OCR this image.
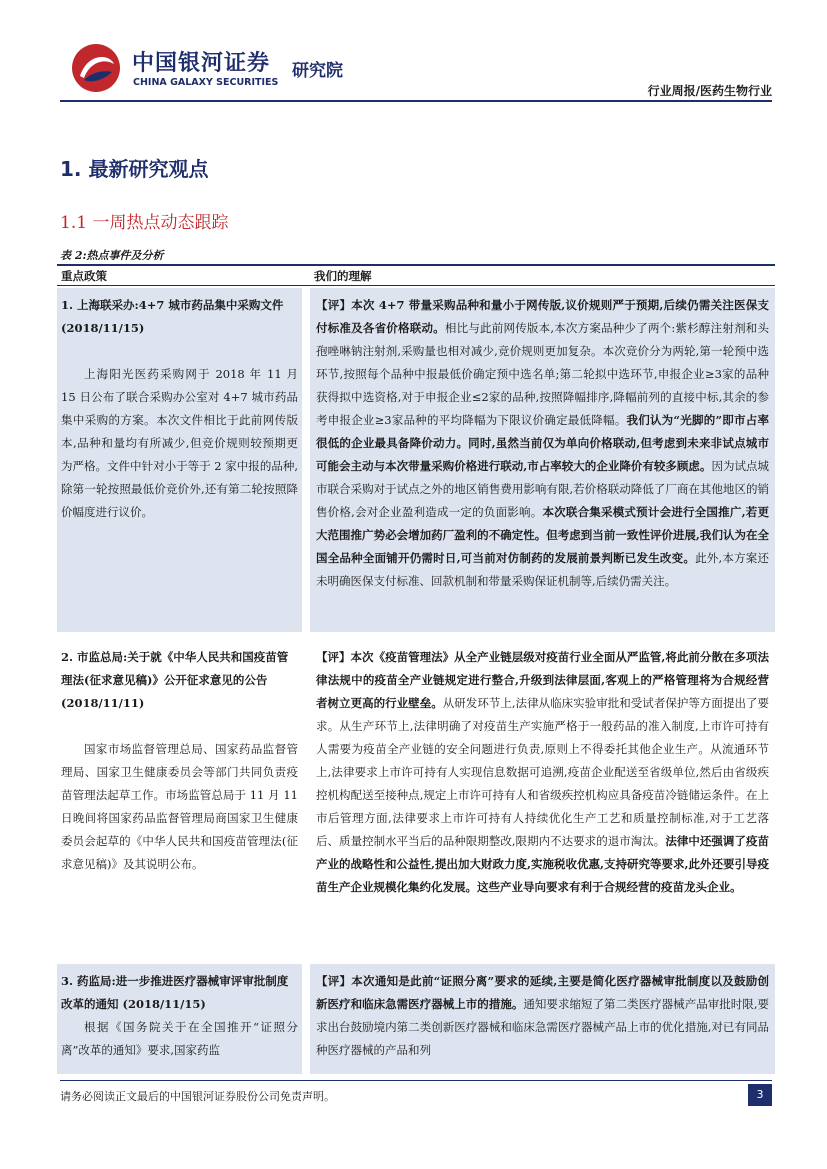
中国银河证券
CHINA GALAXY SECURITIES
研究院
行业周报/医药生物行业
1. 最新研究观点
1.1 一周热点动态跟踪
表 2:热点事件及分析
重点政策	我们的理解
1. 上海联采办:4+7 城市药品集中采购文件 (2018/11/15)
上海阳光医药采购网于 2018 年 11 月 15 日公布了联合采购办公室对 4+7 城市药品集中采购的方案。本次文件相比于此前网传版本,品种和量均有所减少,但竞价规则较预期更为严格。文件中针对小于等于 2 家中报的品种,除第一轮按照最低价竞价外,还有第二轮按照降价幅度进行议价。
【评】本次 4+7 带量采购品种和量小于网传版,议价规则严于预期,后续仍需关注医保支付标准及各省价格联动。相比与此前网传版本,本次方案品种少了两个:紫杉醇注射剂和头孢唑啉钠注射剂,采购量也相对减少,竞价规则更加复杂。本次竞价分为两轮,第一轮预中选环节,按照每个品种中报最低价确定预中选名单;第二轮拟中选环节,申报企业≥3家的品种获得拟中选资格,对于申报企业≤2家的品种,按照降幅排序,降幅前列的直接中标,其余的参考申报企业≥3家品种的平均降幅为下限议价确定最低降幅。我们认为“光脚的”即市占率很低的企业最具备降价动力。同时,虽然当前仅为单向价格联动,但考虑到未来非试点城市可能会主动与本次带量采购价格进行联动,市占率较大的企业降价有较多顾虑。因为试点城市联合采购对于试点之外的地区销售费用影响有限,若价格联动降低了厂商在其他地区的销售价格,会对企业盈利造成一定的负面影响。本次联合集采模式预计会进行全国推广,若更大范围推广势必会增加药厂盈利的不确定性。但考虑到当前一致性评价进展,我们认为在全国全品种全面铺开仍需时日,可当前对仿制药的发展前景判断已发生改变。此外,本方案还未明确医保支付标准、回款机制和带量采购保证机制等,后续仍需关注。
2. 市监总局:关于就《中华人民共和国疫苗管理法(征求意见稿)》公开征求意见的公告 (2018/11/11)
国家市场监督管理总局、国家药品监督管理局、国家卫生健康委员会等部门共同负责疫苗管理法起草工作。市场监管总局于 11 月 11 日晚间将国家药品监督管理局商国家卫生健康委员会起草的《中华人民共和国疫苗管理法(征求意见稿)》及其说明公布。
【评】本次《疫苗管理法》从全产业链层级对疫苗行业全面从严监管,将此前分散在多项法律法规中的疫苗全产业链规定进行整合,升级到法律层面,客观上的严格管理将为合规经营者树立更高的行业壁垒。从研发环节上,法律从临床实验审批和受试者保护等方面提出了要求。从生产环节上,法律明确了对疫苗生产实施严格于一般药品的准入制度,上市许可持有人需要为疫苗全产业链的安全问题进行负责,原则上不得委托其他企业生产。从流通环节上,法律要求上市许可持有人实现信息数据可追溯,疫苗企业配送至省级单位,然后由省级疾控机构配送至接种点,规定上市许可持有人和省级疾控机构应具备疫苗冷链储运条件。在上市后管理方面,法律要求上市许可持有人持续优化生产工艺和质量控制标准,对于工艺落后、质量控制水平当后的品种限期整改,限期内不达要求的退市淘汰。法律中还强调了疫苗产业的战略性和公益性,提出加大财政力度,实施税收优惠,支持研究等要求,此外还要引导疫苗生产企业规模化集约化发展。这些产业导向要求有利于合规经营的疫苗龙头企业。
3. 药监局:进一步推进医疗器械审评审批制度改革的通知 (2018/11/15)
根据《国务院关于在全国推开“证照分离”改革的通知》要求,国家药监
【评】本次通知是此前“证照分离”要求的延续,主要是简化医疗器械审批制度以及鼓励创新医疗和临床急需医疗器械上市的措施。通知要求缩短了第二类医疗器械产品审批时限,要求出台鼓励境内第二类创新医疗器械和临床急需医疗器械产品上市的优化措施,对已有同品种医疗器械的产品和列
请务必阅读正文最后的中国银河证券股份公司免责声明。	3
